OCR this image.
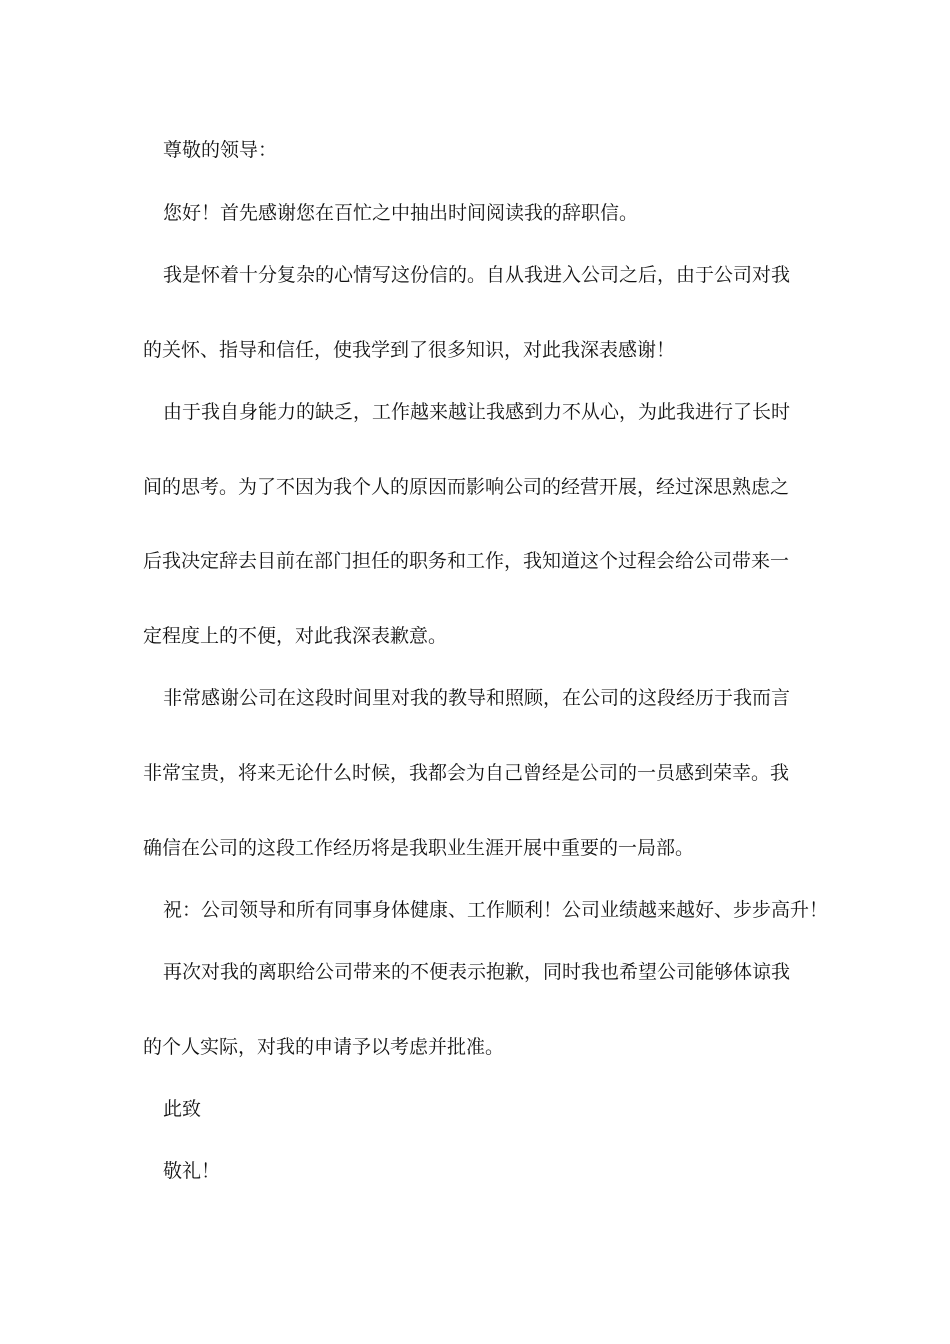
尊敬的领导：

您好！首先感谢您在百忙之中抽出时间阅读我的辞职信。

我是怀着十分复杂的心情写这份信的。自从我进入公司之后，由于公司对我

的关怀、指导和信任，使我学到了很多知识，对此我深表感谢！

由于我自身能力的缺乏，工作越来越让我感到力不从心，为此我进行了长时

间的思考。为了不因为我个人的原因而影响公司的经营开展，经过深思熟虑之

后我决定辞去目前在部门担任的职务和工作，我知道这个过程会给公司带来一

定程度上的不便，对此我深表歉意。

非常感谢公司在这段时间里对我的教导和照顾，在公司的这段经历于我而言

非常宝贵，将来无论什么时候，我都会为自己曾经是公司的一员感到荣幸。我

确信在公司的这段工作经历将是我职业生涯开展中重要的一局部。

祝：公司领导和所有同事身体健康、工作顺利！公司业绩越来越好、步步高升！

再次对我的离职给公司带来的不便表示抱歉，同时我也希望公司能够体谅我

的个人实际，对我的申请予以考虑并批准。

此致

敬礼！
